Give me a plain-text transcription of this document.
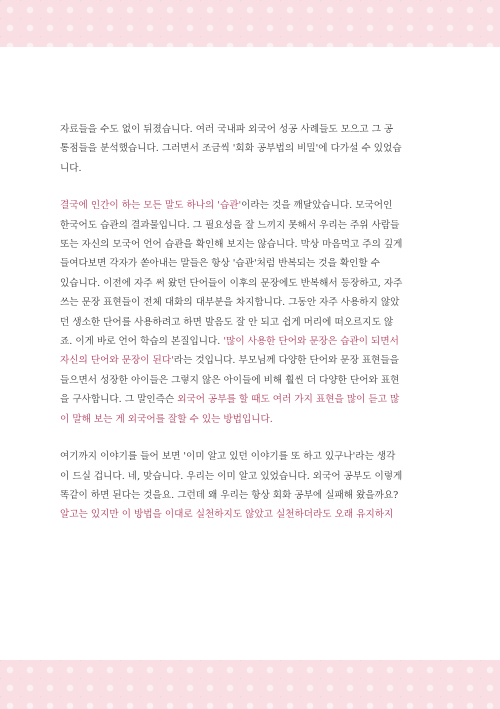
자료들을 수도 없이 뒤졌습니다. 여러 국내파 외국어 성공 사례들도 모으고 그 공
통점들을 분석했습니다. 그러면서 조금씩 '회화 공부법의 비밀'에 다가설 수 있었습
니다.
결국에 인간이 하는 모든 말도 하나의 '습관'이라는 것을 깨달았습니다. 모국어인
한국어도 습관의 결과물입니다. 그 필요성을 잘 느끼지 못해서 우리는 주위 사람들
또는 자신의 모국어 언어 습관을 확인해 보지는 않습니다. 막상 마음먹고 주의 깊게
들여다보면 각자가 쏟아내는 말들은 항상 '습관'처럼 반복되는 것을 확인할 수
있습니다. 이전에 자주 써 왔던 단어들이 이후의 문장에도 반복해서 등장하고, 자주
쓰는 문장 표현들이 전체 대화의 대부분을 차지합니다. 그동안 자주 사용하지 않았
던 생소한 단어를 사용하려고 하면 발음도 잘 안 되고 쉽게 머리에 떠오르지도 않
죠. 이게 바로 언어 학습의 본질입니다. '많이 사용한 단어와 문장은 습관이 되면서
자신의 단어와 문장이 된다'라는 것입니다. 부모님께 다양한 단어와 문장 표현들을
들으면서 성장한 아이들은 그렇지 않은 아이들에 비해 훨씬 더 다양한 단어와 표현
을 구사합니다. 그 말인즉슨 외국어 공부를 할 때도 여러 가지 표현을 많이 듣고 많
이 말해 보는 게 외국어를 잘할 수 있는 방법입니다.
여기까지 이야기를 들어 보면 '이미 알고 있던 이야기를 또 하고 있구나'라는 생각
이 드실 겁니다. 네, 맞습니다. 우리는 이미 알고 있었습니다. 외국어 공부도 이렇게
똑같이 하면 된다는 것을요. 그런데 왜 우리는 항상 회화 공부에 실패해 왔을까요?
알고는 있지만 이 방법을 이대로 실천하지도 않았고 실천하더라도 오래 유지하지
